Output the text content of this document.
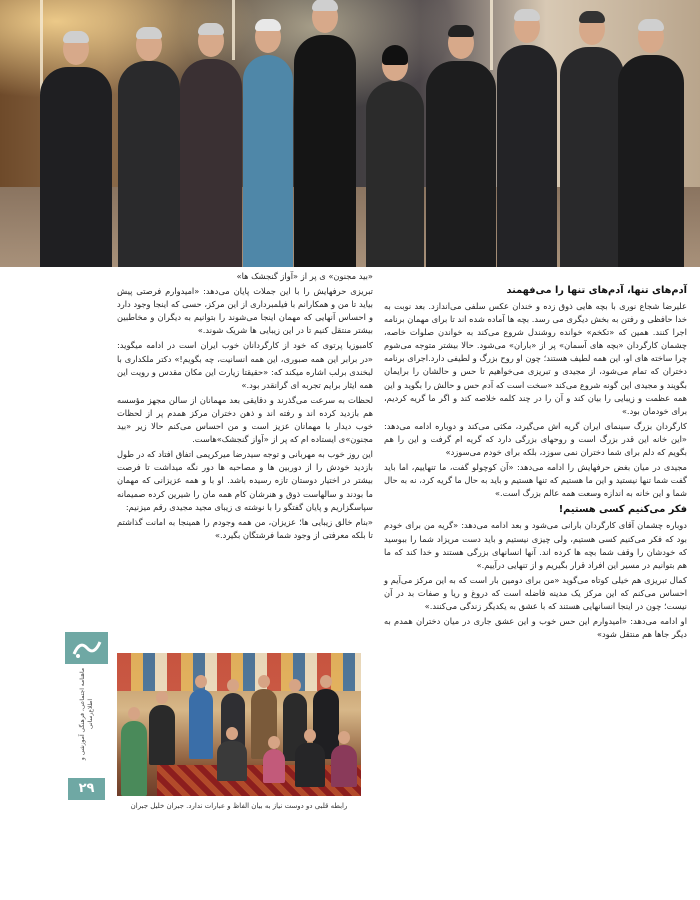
آدم‌های تنها، آدم‌های تنها را می‌فهمند

علیرضا شجاع نوری با بچه هایی ذوق زده و خندان عکس سلفی می‌اندازد. بعد نوبت به خدا حافظی و رفتن به بخش دیگری می رسد. بچه ها آماده شده اند تا برای مهمان برنامه اجرا کنند. همین که «تکخم» خوانده روشندل شروع می‌کند به خواندن صلوات خاصه، چشمان کارگردان «بچه های آسمان» پر از «باران» می‌شود. حالا بیشتر متوجه می‌شوم چرا ساخته های او، این همه لطیف هستند؛ چون او روح بزرگ و لطیفی دارد.اجرای برنامه دختران که تمام می‌شود، از مجیدی و تبریزی می‌خواهیم تا حس و حالشان را برایمان بگویند و مجیدی این گونه شروع می‌کند «سخت است که آدم حس و حالش را بگوید و این همه عظمت و زیبایی را بیان کند و آن را در چند کلمه خلاصه کند و اگر ما گریه کردیم، برای خودمان بود.»

کارگردان بزرگ سینمای ایران گریه اش می‌گیرد، مکثی می‌کند و دوباره ادامه می‌دهد: «این خانه این قدر بزرگ است و روحهای بزرگی دارد که گریه ام گرفت و این را هم بگویم که دلم برای شما دختران نمی سوزد، بلکه برای خودم می‌سوزد»

مجیدی در میان بغض حرفهایش را ادامه می‌دهد: «آن کوچولو گفت، ما تنهاییم، اما باید گفت شما تنها نیستید و این ما هستیم که تنها هستیم و باید به حال ما گریه کرد، نه به حال شما و این خانه به اندازه وسعت همه عالم بزرگ است.»

فکر می‌کنیم کسی هستیم!

دوباره چشمان آقای کارگردان بارانی می‌شود و بعد ادامه می‌دهد: «گریه من برای خودم بود که فکر می‌کنیم کسی هستیم، ولی چیزی نیستیم و باید دست مریزاد شما را ببوسید که خودشان را وقف شما بچه ها کرده اند. آنها انسانهای بزرگی هستند و خدا کند که ما هم بتوانیم در مسیر این افراد قرار بگیریم و از تنهایی درآییم.»

کمال تبریزی هم خیلی کوتاه می‌گوید «من برای دومین بار است که به این مرکز می‌آیم و احساس می‌کنم که این مرکز یک مدینه فاضله است که دروغ و ریا و صفات بد در آن نیست؛ چون در اینجا انسانهایی هستند که با عشق به یکدیگر زندگی می‌کنند.»

او ادامه می‌دهد: «امیدوارم این حس خوب و این عشق جاری در میان دختران همدم به دیگر جاها هم منتقل شود»

«بید مجنون» ی پر از «آواز گنجشک ها»

تبریزی حرفهایش را با این جملات پایان می‌دهد: «امیدوارم فرصتی پیش بیاید تا من و همکارانم با فیلمبرداری از این مرکز، حسی که اینجا وجود دارد و احساس آنهایی که مهمان اینجا می‌شوند را بتوانیم به دیگران و مخاطبین بیشتر منتقل کنیم تا در این زیبایی ها شریک شوند.»

کامبوزیا پرتوی که خود از کارگردانان خوب ایران است در ادامه میگوید: «در برابر این همه صبوری، این همه انسانیت، چه بگویم!» دکتر ملکداری با لبخندی برلب اشاره میکند که: «حقیقتا زیارت این مکان مقدس و رویت این همه ایثار برایم تجربه ای گرانقدر بود.»

لحظات به سرعت می‌گذرند و دقایقی بعد مهمانان از سالن مجهز مؤسسه هم بازدید کرده اند و رفته اند و ذهن دختران مرکز همدم پر از لحظات خوب دیدار با مهمانان عزیز است و من احساس می‌کنم حالا زیر «بید مجنون»ی ایستاده ام که پر از «آواز گنجشک»هاست.

این روز خوب به مهربانی و توجه سیدرضا میرکریمی اتفاق افتاد که در طول بازدید خودش را از دوربین ها و مصاحبه ها دور نگه میداشت تا فرصت بیشتر در اختیار دوستان تازه رسیده باشد. او با و همه عزیزانی که مهمان ما بودند و سالهاست ذوق و هنرشان کام همه مان را شیرین کرده صمیمانه سپاسگزاریم و پایان گفتگو را با نوشته ی زیبای مجید مجیدی رقم میزنیم:

«بنام خالق زیبایی ها؛ عزیزان، من همه وجودم را همینجا به امانت گذاشتم تا بلکه معرفتی از وجود شما فرشتگان بگیرد.»

ماهنامه اجتماعی، فرهنگی آموزشی و اطلاع‌رسانی
۲۹
رابطه قلبی دو دوست نیاز به بیان الفاظ و عبارات ندارد. جبران خلیل جبران
